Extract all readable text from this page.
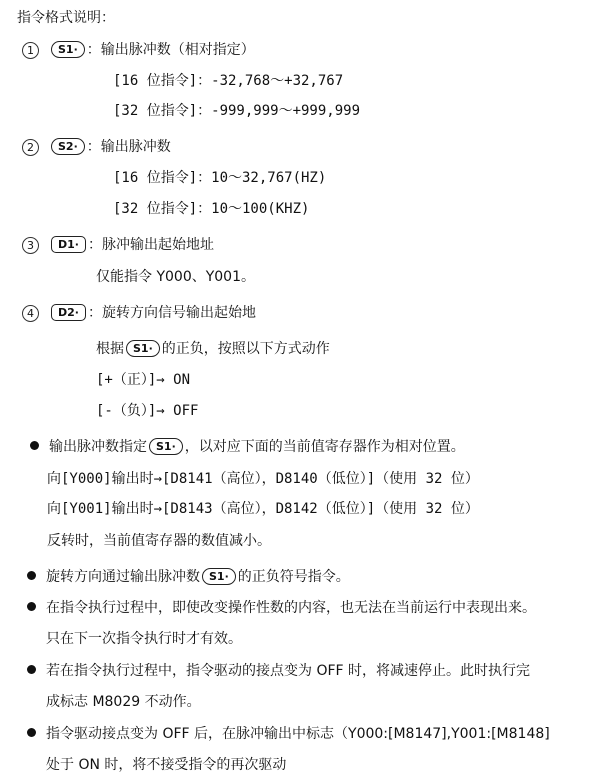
指令格式说明：
1 S1· ：输出脉冲数（相对指定）
[16 位指令]：-32,768～+32,767
[32 位指令]：-999,999～+999,999
2 S2· ：输出脉冲数
[16 位指令]：10～32,767(HZ)
[32 位指令]：10～100(KHZ)
3 D1· ：脉冲输出起始地址
仅能指令 Y000、Y001。
4 D2· ：旋转方向信号输出起始地
根据 S1· 的正负，按照以下方式动作
[+（正）]→ ON
[-（负）]→ OFF
输出脉冲数指定 S1· ，以对应下面的当前值寄存器作为相对位置。
向[Y000]输出时→[D8141（高位），D8140（低位）]（使用 32 位）
向[Y001]输出时→[D8143（高位），D8142（低位）]（使用 32 位）
反转时，当前值寄存器的数值减小。
旋转方向通过输出脉冲数 S1· 的正负符号指令。
在指令执行过程中，即使改变操作性数的内容，也无法在当前运行中表现出来。
只在下一次指令执行时才有效。
若在指令执行过程中，指令驱动的接点变为 OFF 时，将减速停止。此时执行完
成标志 M8029 不动作。
指令驱动接点变为 OFF 后，在脉冲输出中标志（Y000:[M8147],Y001:[M8148]
处于 ON 时，将不接受指令的再次驱动
